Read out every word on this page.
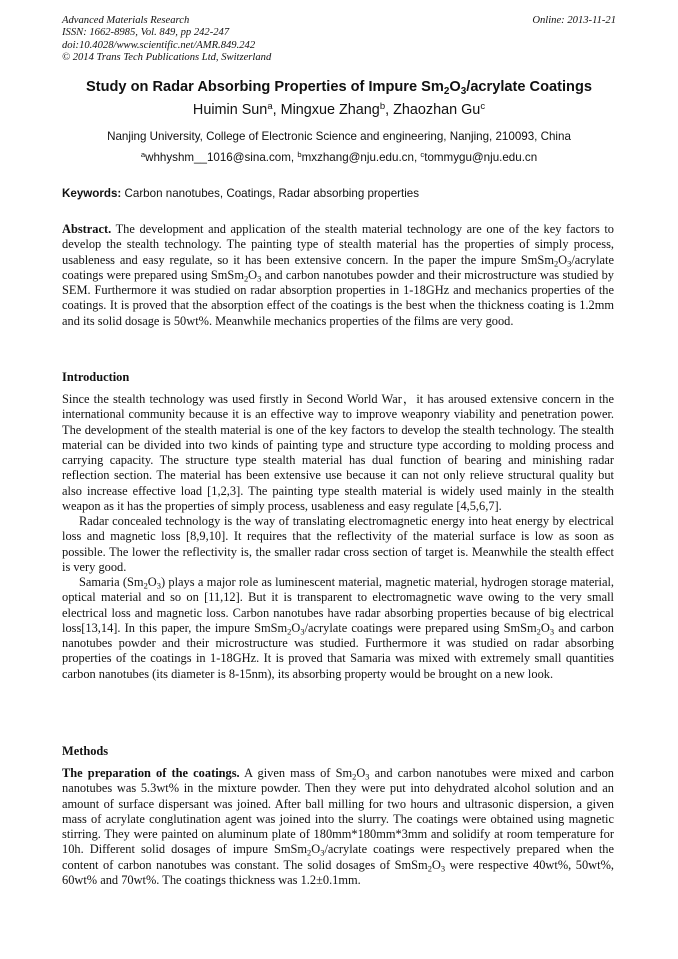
Advanced Materials Research
ISSN: 1662-8985, Vol. 849, pp 242-247
doi:10.4028/www.scientific.net/AMR.849.242
© 2014 Trans Tech Publications Ltd, Switzerland
Online: 2013-11-21
Study on Radar Absorbing Properties of Impure $Sm_2O_3$/acrylate Coatings
Huimin Sun$^a$, Mingxue Zhang$^b$, Zhaozhan Gu$^c$
Nanjing University, College of Electronic Science and engineering, Nanjing, 210093, China
$^a$whhyshm__1016@sina.com, $^b$mxzhang@nju.edu.cn, $^c$tommygu@nju.edu.cn
Keywords: Carbon nanotubes, Coatings, Radar absorbing properties

Abstract. The development and application of the stealth material technology are one of the key factors to develop the stealth technology. The painting type of stealth material has the properties of simply process, usableness and easy regulate, so it has been extensive concern. In the paper the impure $SmSm_2O_3$/acrylate coatings were prepared using $SmSm_2O_3$ and carbon nanotubes powder and their microstructure was studied by SEM. Furthermore it was studied on radar absorption properties in 1-18GHz and mechanics properties of the coatings. It is proved that the absorption effect of the coatings is the best when the thickness coating is 1.2mm and its solid dosage is 50wt%. Meanwhile mechanics properties of the films are very good.

Introduction

Since the stealth technology was used firstly in Second World War，it has aroused extensive concern in the international community because it is an effective way to improve weaponry viability and penetration power. The development of the stealth material is one of the key factors to develop the stealth technology. The stealth material can be divided into two kinds of painting type and structure type according to molding process and carrying capacity. The structure type stealth material has dual function of bearing and minishing radar reflection section. The material has been extensive use because it can not only relieve structural quality but also increase effective load [1,2,3]. The painting type stealth material is widely used mainly in the stealth weapon as it has the properties of simply process, usableness and easy regulate [4,5,6,7].

Radar concealed technology is the way of translating electromagnetic energy into heat energy by electrical loss and magnetic loss [8,9,10]. It requires that the reflectivity of the material surface is low as soon as possible. The lower the reflectivity is, the smaller radar cross section of target is. Meanwhile the stealth effect is very good.

Samaria $(Sm_2O_3)$ plays a major role as luminescent material, magnetic material, hydrogen storage material, optical material and so on [11,12]. But it is transparent to electromagnetic wave owing to the very small electrical loss and magnetic loss. Carbon nanotubes have radar absorbing properties because of big electrical loss[13,14]. In this paper, the impure $SmSm_2O_3$/acrylate coatings were prepared using $SmSm_2O_3$ and carbon nanotubes powder and their microstructure was studied. Furthermore it was studied on radar absorbing properties of the coatings in 1-18GHz. It is proved that Samaria was mixed with extremely small quantities carbon nanotubes (its diameter is 8-15nm), its absorbing property would be brought on a new look.

Methods

The preparation of the coatings. A given mass of $Sm_2O_3$ and carbon nanotubes were mixed and carbon nanotubes was 5.3wt% in the mixture powder. Then they were put into dehydrated alcohol solution and an amount of surface dispersant was joined. After ball milling for two hours and ultrasonic dispersion, a given mass of acrylate conglutination agent was joined into the slurry. The coatings were obtained using magnetic stirring. They were painted on aluminum plate of 180mm*180mm*3mm and solidify at room temperature for 10h. Different solid dosages of impure $SmSm_2O_3$/acrylate coatings were respectively prepared when the content of carbon nanotubes was constant. The solid dosages of $SmSm_2O_3$ were respective 40wt%, 50wt%, 60wt% and 70wt%. The coatings thickness was 1.2±0.1mm.
